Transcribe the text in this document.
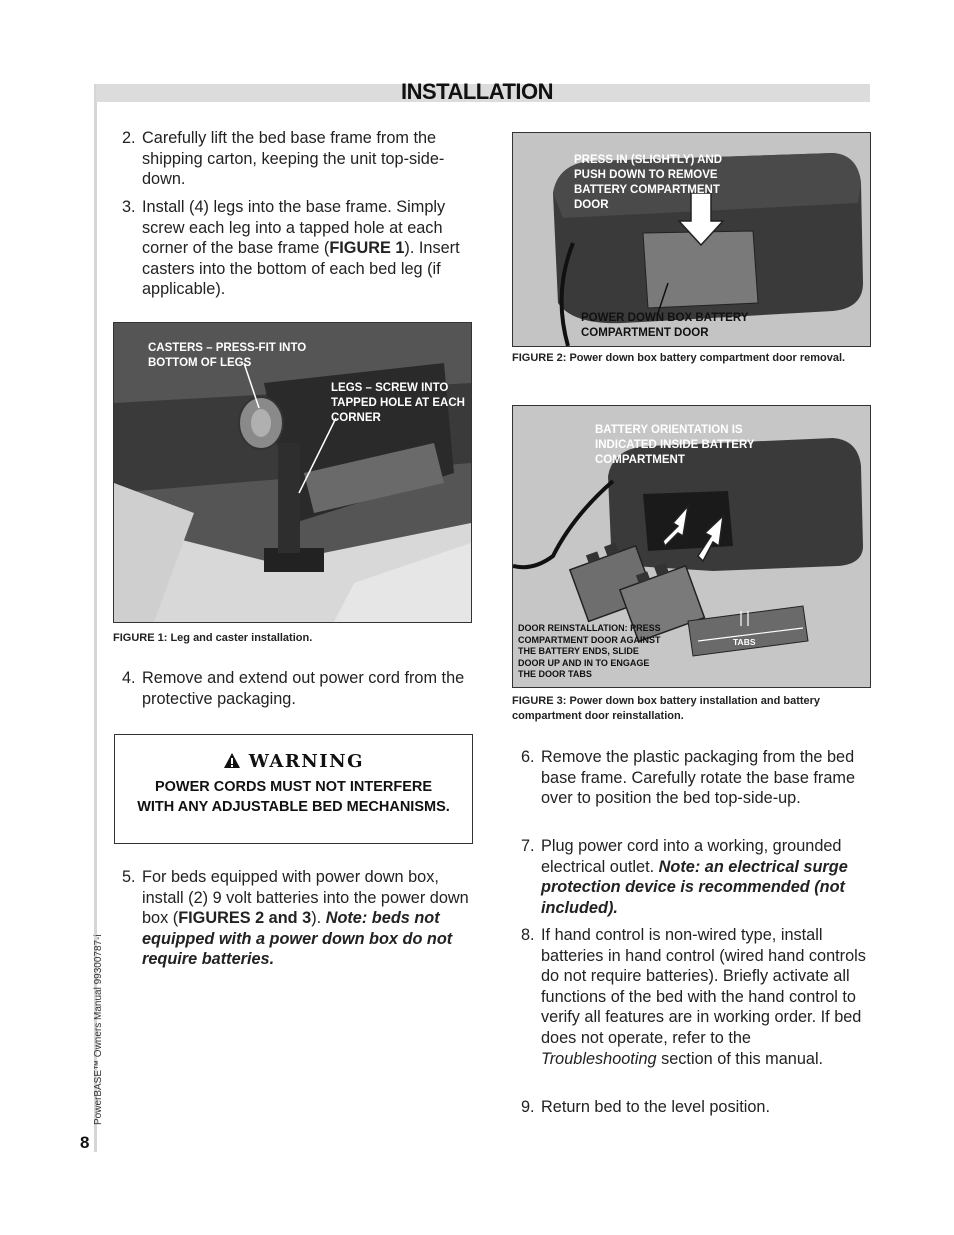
INSTALLATION
2. Carefully lift the bed base frame from the shipping carton, keeping the unit top-side-down.
3. Install (4) legs into the base frame. Simply screw each leg into a tapped hole at each corner of the base frame (FIGURE 1). Insert casters into the bottom of each bed leg (if applicable).
CASTERS – PRESS-FIT INTO BOTTOM OF LEGS
LEGS – SCREW INTO TAPPED HOLE AT EACH CORNER
FIGURE 1: Leg and caster installation.
4. Remove and extend out power cord from the protective packaging.
WARNING
POWER CORDS MUST NOT INTERFERE WITH ANY ADJUSTABLE BED MECHANISMS.
5. For beds equipped with power down box, install (2) 9 volt batteries into the power down box (FIGURES 2 and 3). Note: beds not equipped with a power down box do not require batteries.
PRESS IN (SLIGHTLY) AND PUSH DOWN TO REMOVE BATTERY COMPARTMENT DOOR
POWER DOWN BOX BATTERY COMPARTMENT DOOR
FIGURE 2: Power down box battery compartment door removal.
BATTERY ORIENTATION IS INDICATED INSIDE BATTERY COMPARTMENT
DOOR REINSTALLATION: PRESS COMPARTMENT DOOR AGAINST THE BATTERY ENDS, SLIDE DOOR UP AND IN TO ENGAGE THE DOOR TABS
TABS
FIGURE 3: Power down box battery installation and battery compartment door reinstallation.
6. Remove the plastic packaging from the bed base frame. Carefully rotate the base frame over to position the bed top-side-up.
7. Plug power cord into a working, grounded electrical outlet. Note: an electrical surge protection device is recommended (not included).
8. If hand control is non-wired type, install batteries in hand control (wired hand controls do not require batteries). Briefly activate all functions of the bed with the hand control to verify all features are in working order. If bed does not operate, refer to the Troubleshooting section of this manual.
9. Return bed to the level position.
PowerBASE™ Owners Manual 99300787-i
8
